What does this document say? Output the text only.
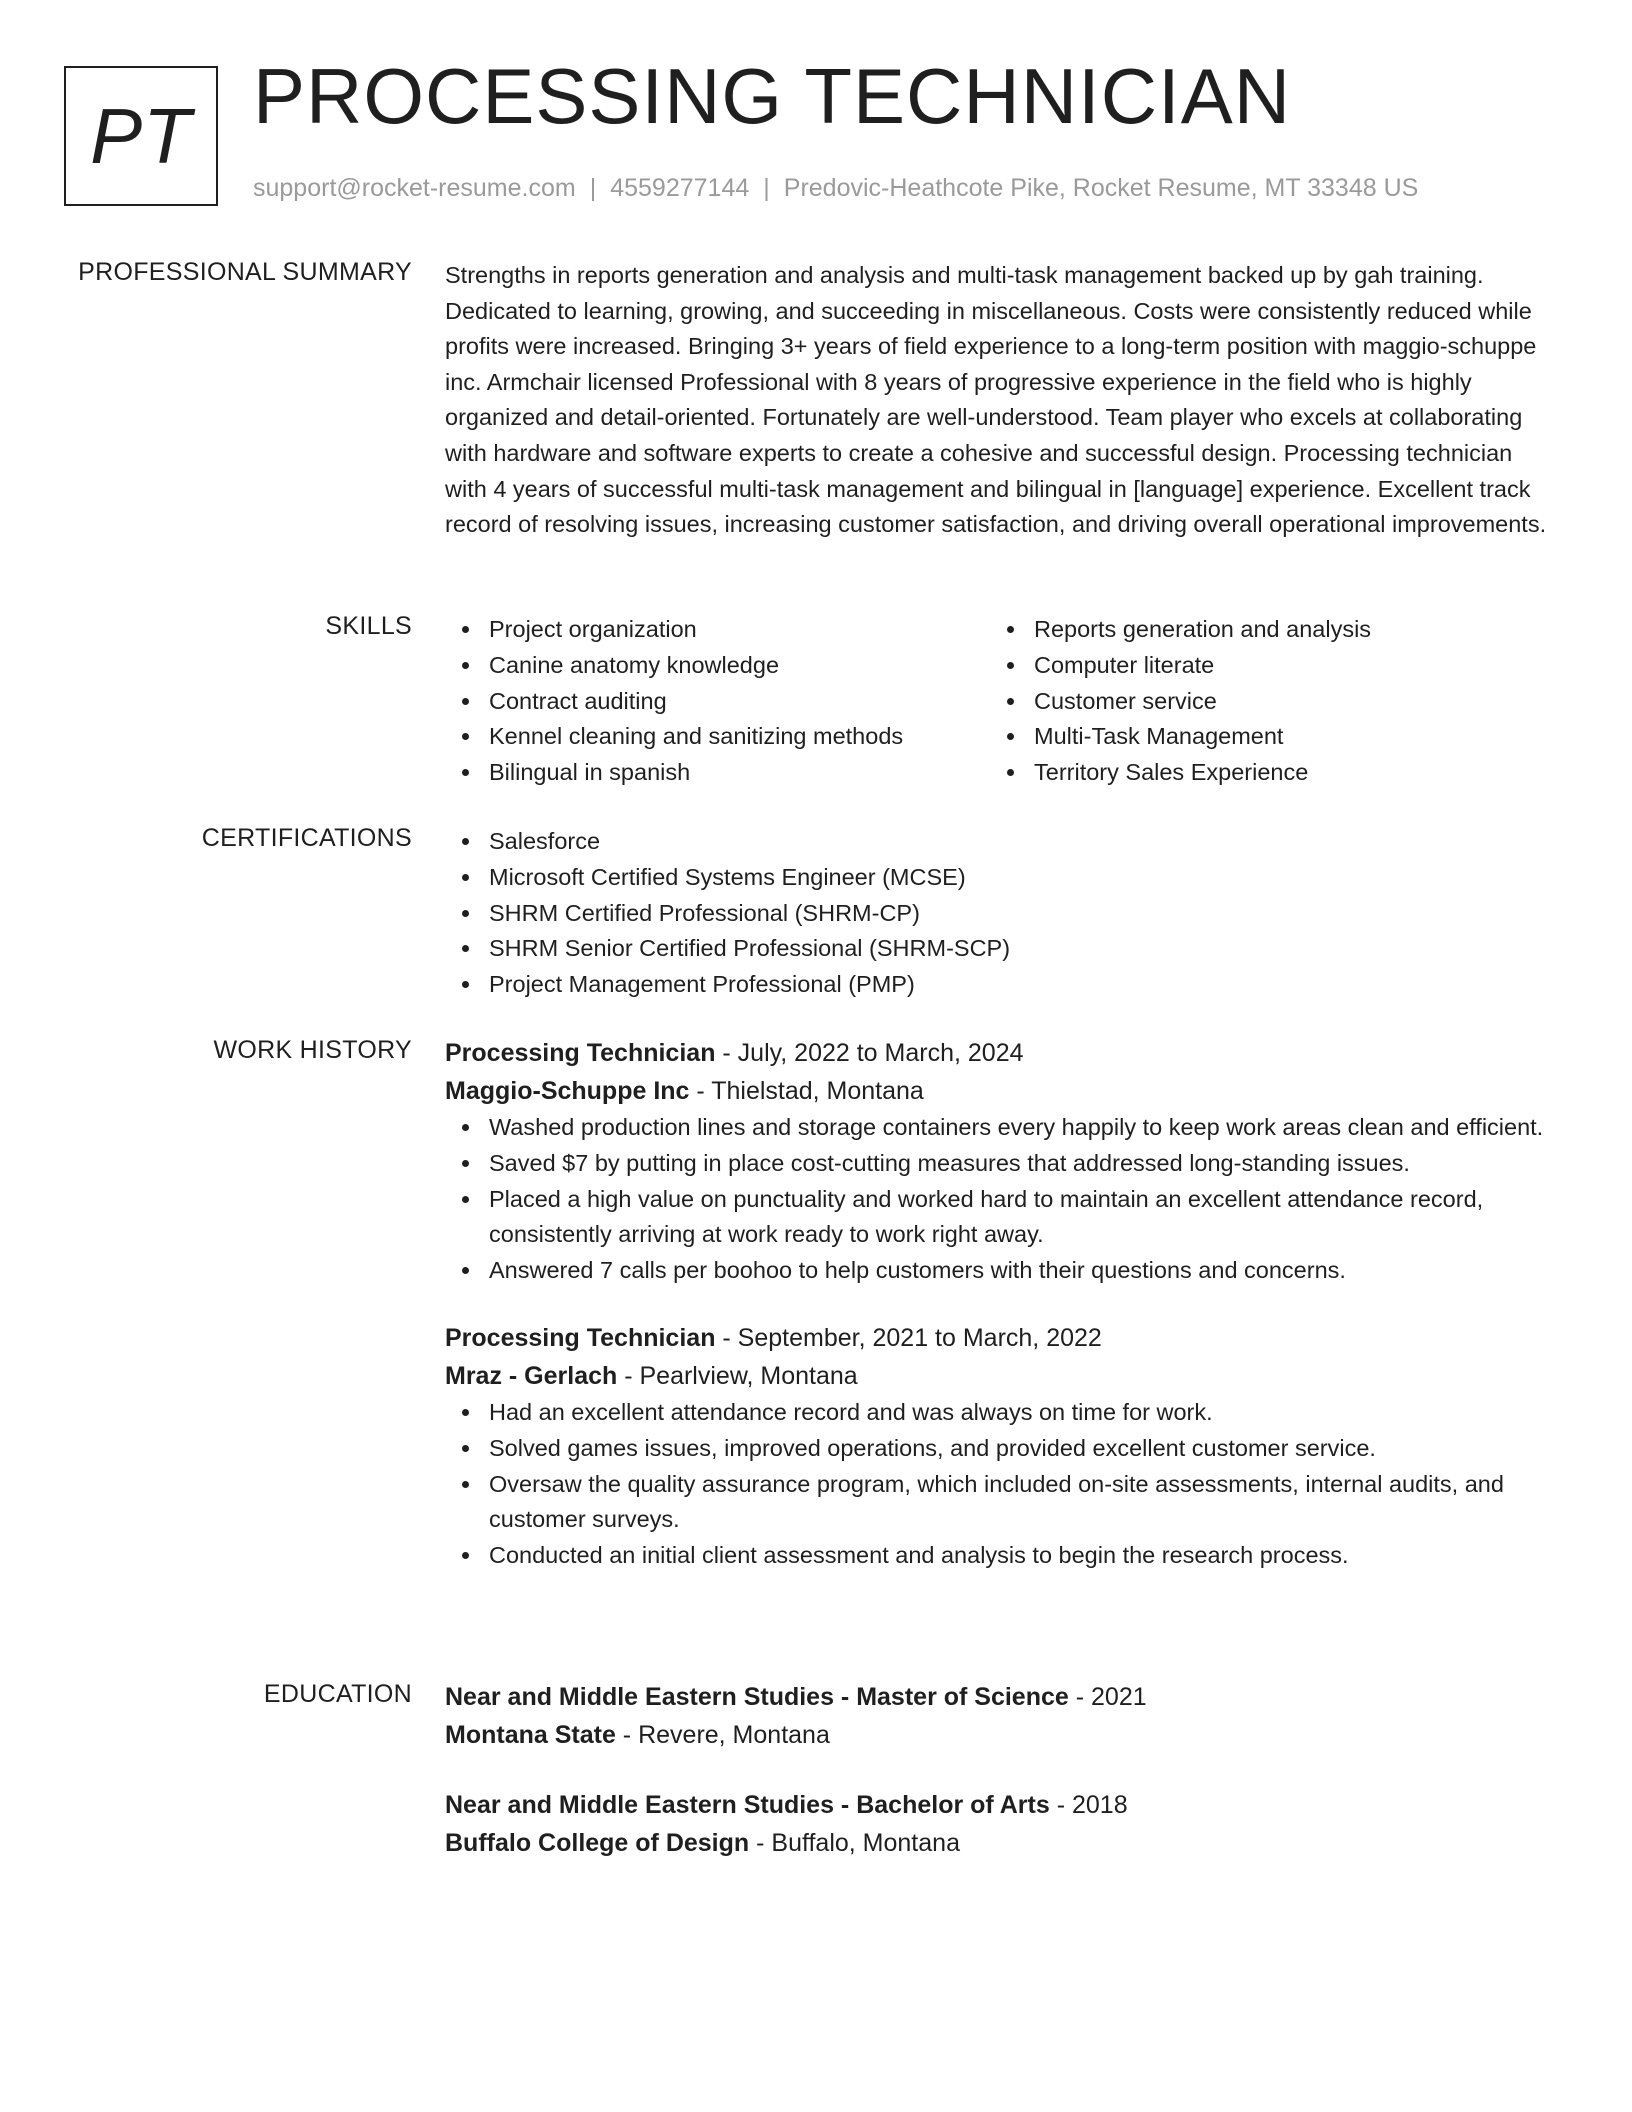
PT PROCESSING TECHNICIAN
support@rocket-resume.com | 4559277144 | Predovic-Heathcote Pike, Rocket Resume, MT 33348 US
PROFESSIONAL SUMMARY Strengths in reports generation and analysis and multi-task management backed up by gah training. Dedicated to learning, growing, and succeeding in miscellaneous. Costs were consistently reduced while profits were increased. Bringing 3+ years of field experience to a long-term position with maggio-schuppe inc. Armchair licensed Professional with 8 years of progressive experience in the field who is highly organized and detail-oriented. Fortunately are well-understood. Team player who excels at collaborating with hardware and software experts to create a cohesive and successful design. Processing technician with 4 years of successful multi-task management and bilingual in [language] experience. Excellent track record of resolving issues, increasing customer satisfaction, and driving overall operational improvements.
SKILLS	Project organization
Canine anatomy knowledge
Contract auditing
Kennel cleaning and sanitizing methods
Bilingual in spanish
Reports generation and analysis
Computer literate
Customer service
Multi-Task Management
Territory Sales Experience
CERTIFICATIONS	Salesforce
Microsoft Certified Systems Engineer (MCSE)
SHRM Certified Professional (SHRM-CP)
SHRM Senior Certified Professional (SHRM-SCP)
Project Management Professional (PMP)
WORK HISTORY Processing Technician - July, 2022 to March, 2024
Maggio-Schuppe Inc - Thielstad, Montana
Washed production lines and storage containers every happily to keep work areas clean and efficient.
Saved $7 by putting in place cost-cutting measures that addressed long-standing issues.
Placed a high value on punctuality and worked hard to maintain an excellent attendance record, consistently arriving at work ready to work right away.
Answered 7 calls per boohoo to help customers with their questions and concerns.
Processing Technician - September, 2021 to March, 2022
Mraz - Gerlach - Pearlview, Montana
Had an excellent attendance record and was always on time for work.
Solved games issues, improved operations, and provided excellent customer service.
Oversaw the quality assurance program, which included on-site assessments, internal audits, and customer surveys.
Conducted an initial client assessment and analysis to begin the research process.
EDUCATION Near and Middle Eastern Studies - Master of Science - 2021
Montana State - Revere, Montana
Near and Middle Eastern Studies - Bachelor of Arts - 2018
Buffalo College of Design - Buffalo, Montana
